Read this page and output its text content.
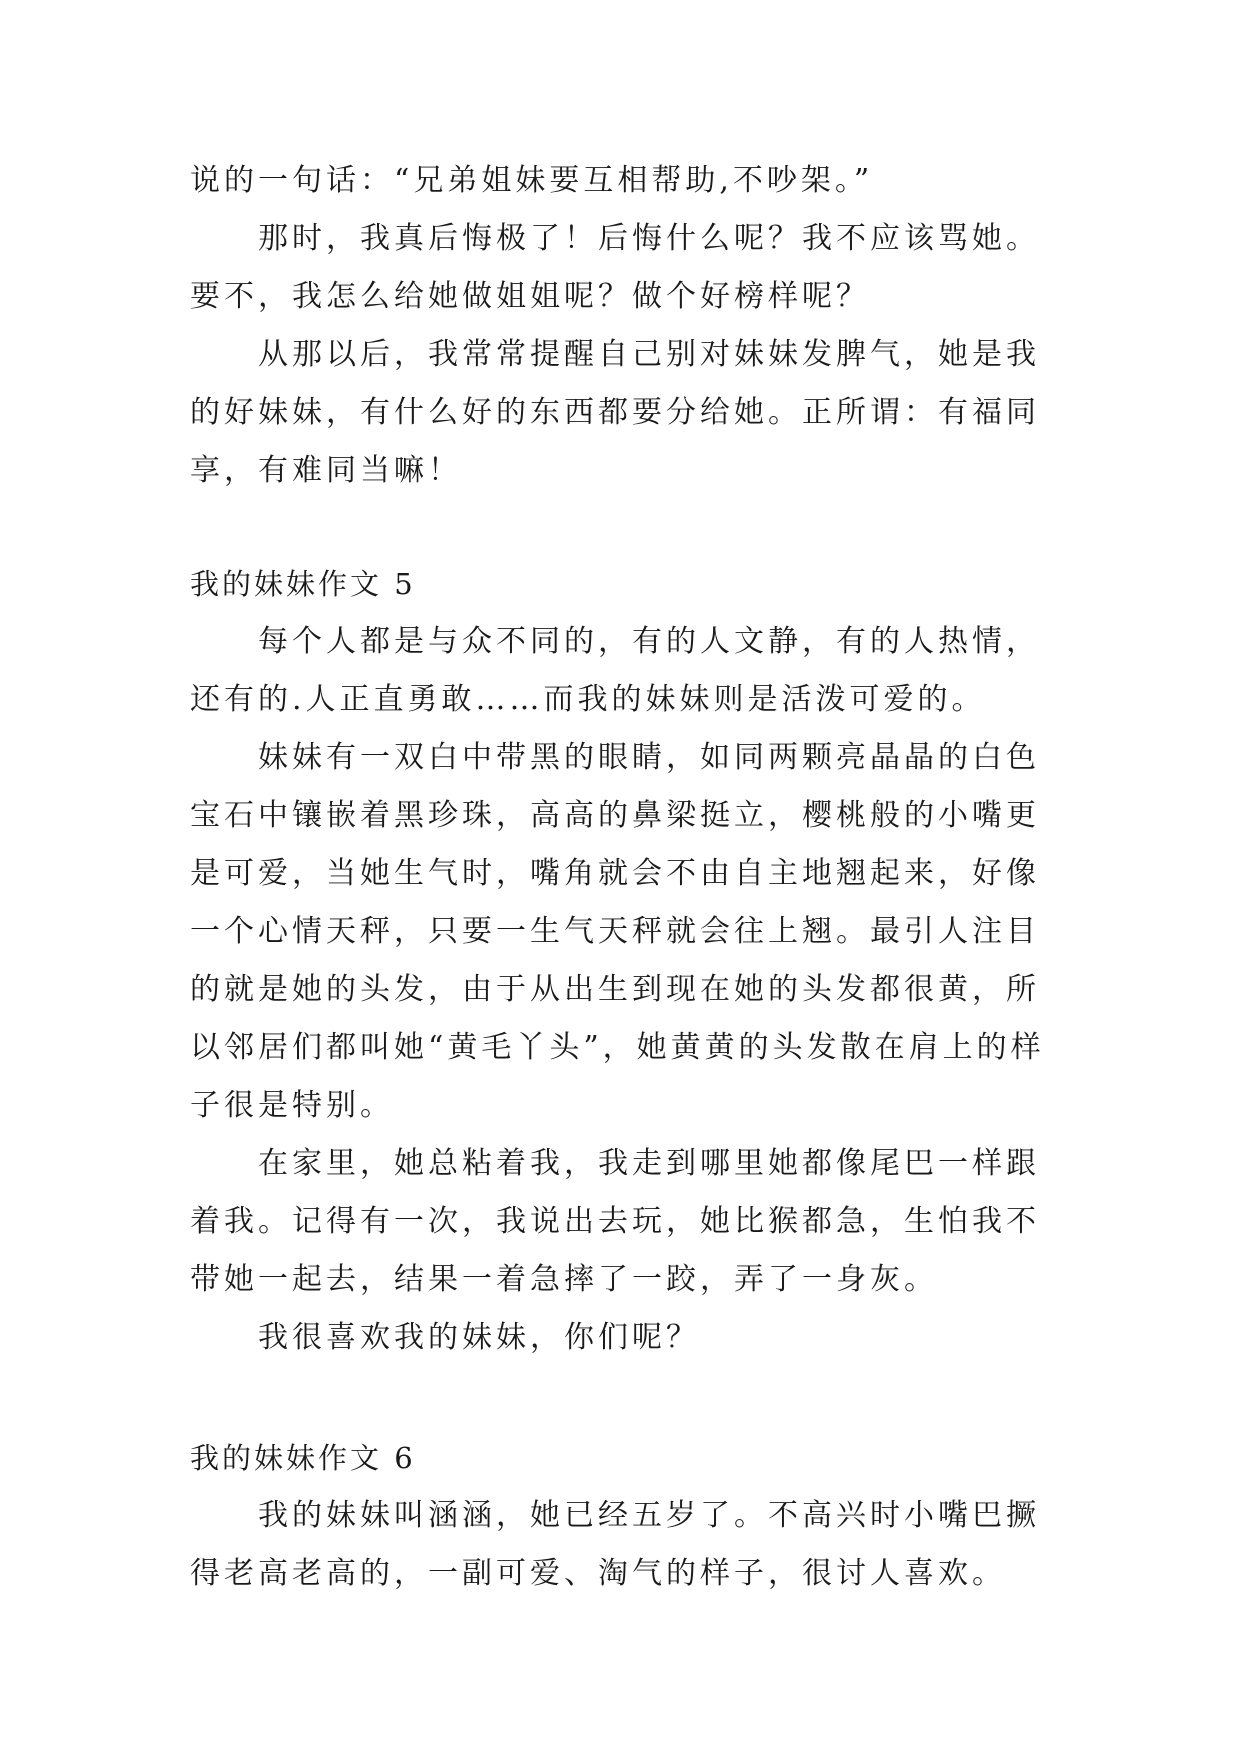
说的一句话：“兄弟姐妹要互相帮助,不吵架。”

那时，我真后悔极了！后悔什么呢？我不应该骂她。要不，我怎么给她做姐姐呢？做个好榜样呢？

从那以后，我常常提醒自己别对妹妹发脾气，她是我的好妹妹，有什么好的东西都要分给她。正所谓：有福同享，有难同当嘛！

我的妹妹作文 5

每个人都是与众不同的，有的人文静，有的人热情，还有的.人正直勇敢……而我的妹妹则是活泼可爱的。

妹妹有一双白中带黑的眼睛，如同两颗亮晶晶的白色宝石中镶嵌着黑珍珠，高高的鼻梁挺立，樱桃般的小嘴更是可爱，当她生气时，嘴角就会不由自主地翘起来，好像一个心情天秤，只要一生气天秤就会往上翘。最引人注目的就是她的头发，由于从出生到现在她的头发都很黄，所以邻居们都叫她“黄毛丫头”，她黄黄的头发散在肩上的样子很是特别。

在家里，她总粘着我，我走到哪里她都像尾巴一样跟着我。记得有一次，我说出去玩，她比猴都急，生怕我不带她一起去，结果一着急摔了一跤，弄了一身灰。

我很喜欢我的妹妹，你们呢？

我的妹妹作文 6

我的妹妹叫涵涵，她已经五岁了。不高兴时小嘴巴撅得老高老高的，一副可爱、淘气的样子，很讨人喜欢。
